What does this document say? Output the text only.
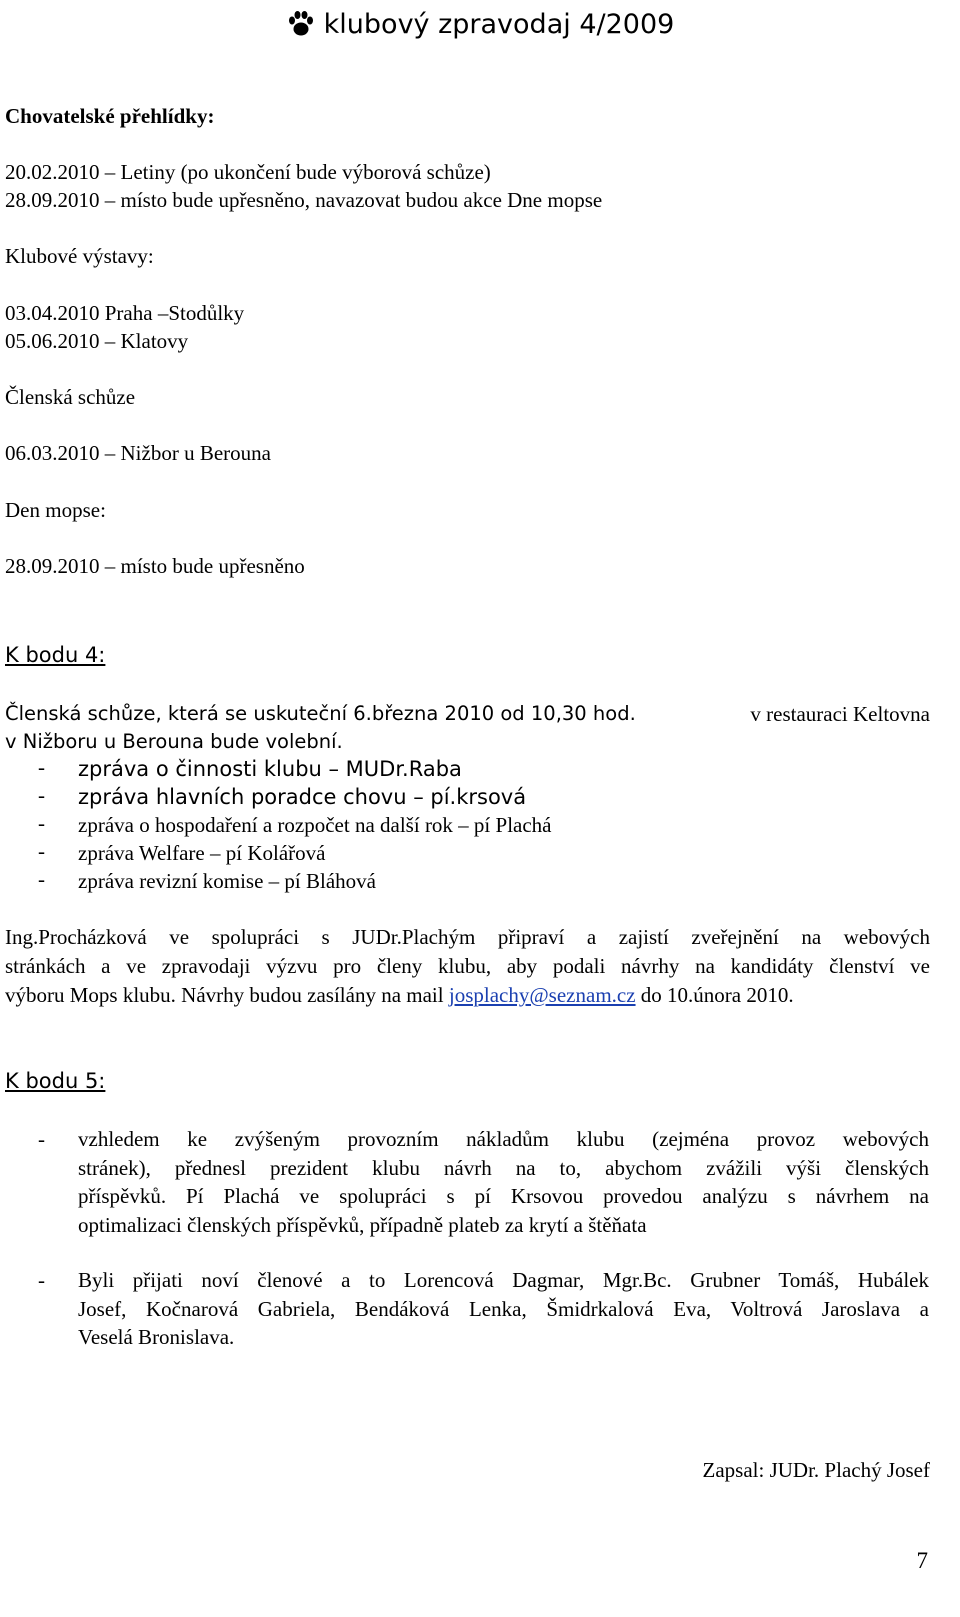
klubový zpravodaj 4/2009
Chovatelské přehlídky:
20.02.2010 – Letiny (po ukončení bude výborová schůze)
28.09.2010 – místo bude upřesněno, navazovat budou akce Dne mopse
Klubové výstavy:
03.04.2010 Praha –Stodůlky
05.06.2010 – Klatovy
Členská schůze
06.03.2010 – Nižbor u Berouna
Den mopse:
28.09.2010 – místo bude upřesněno
K bodu 4:
Členská schůze, která se uskuteční 6.března 2010 od 10,30 hod.	v restauraci Keltovna
v Nižboru u Berouna bude volební.
- zpráva o činnosti klubu – MUDr.Raba
- zpráva hlavních poradce chovu – pí.krsová
- zpráva o hospodaření a rozpočet na další rok – pí Plachá
- zpráva Welfare – pí Kolářová
- zpráva revizní komise – pí Bláhová
Ing.Procházková ve spolupráci s JUDr.Plachým připraví a zajistí zveřejnění na webových
stránkách a ve zpravodaji výzvu pro členy klubu, aby podali návrhy na kandidáty členství ve
výboru Mops klubu. Návrhy budou zasílány na mail josplachy@seznam.cz do 10.února 2010.
K bodu 5:
- vzhledem ke zvýšeným provozním nákladům klubu (zejména provoz webových
stránek), přednesl prezident klubu návrh na to, abychom zvážili výši členských
příspěvků. Pí Plachá ve spolupráci s pí Krsovou provedou analýzu s návrhem na
optimalizaci členských příspěvků, případně plateb za krytí a štěňata
- Byli přijati noví členové a to Lorencová Dagmar, Mgr.Bc. Grubner Tomáš, Hubálek
Josef, Kočnarová Gabriela, Bendáková Lenka, Šmidrkalová Eva, Voltrová Jaroslava a
Veselá Bronislava.
Zapsal: JUDr. Plachý Josef
7
